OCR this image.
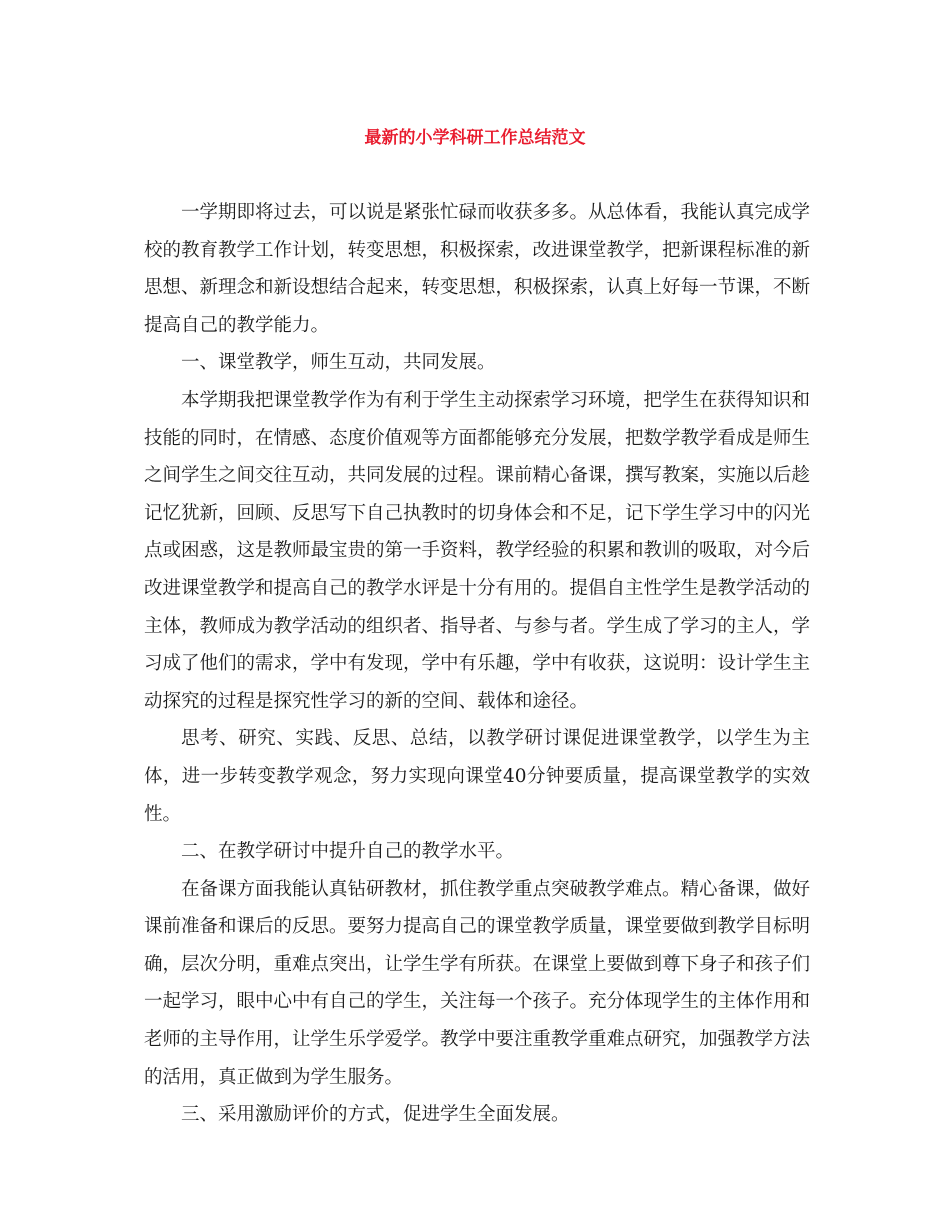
最新的小学科研工作总结范文

一学期即将过去，可以说是紧张忙碌而收获多多。从总体看，我能认真完成学校的教育教学工作计划，转变思想，积极探索，改进课堂教学，把新课程标准的新思想、新理念和新设想结合起来，转变思想，积极探索，认真上好每一节课，不断提高自己的教学能力。

一、课堂教学，师生互动，共同发展。

本学期我把课堂教学作为有利于学生主动探索学习环境，把学生在获得知识和技能的同时，在情感、态度价值观等方面都能够充分发展，把数学教学看成是师生之间学生之间交往互动，共同发展的过程。课前精心备课，撰写教案，实施以后趁记忆犹新，回顾、反思写下自己执教时的切身体会和不足，记下学生学习中的闪光点或困惑，这是教师最宝贵的第一手资料，教学经验的积累和教训的吸取，对今后改进课堂教学和提高自己的教学水评是十分有用的。提倡自主性学生是教学活动的主体，教师成为教学活动的组织者、指导者、与参与者。学生成了学习的主人，学习成了他们的需求，学中有发现，学中有乐趣，学中有收获，这说明：设计学生主动探究的过程是探究性学习的新的空间、载体和途径。

思考、研究、实践、反思、总结，以教学研讨课促进课堂教学，以学生为主体，进一步转变教学观念，努力实现向课堂40分钟要质量，提高课堂教学的实效性。

二、在教学研讨中提升自己的教学水平。

在备课方面我能认真钻研教材，抓住教学重点突破教学难点。精心备课，做好课前准备和课后的反思。要努力提高自己的课堂教学质量，课堂要做到教学目标明确，层次分明，重难点突出，让学生学有所获。在课堂上要做到尊下身子和孩子们一起学习，眼中心中有自己的学生，关注每一个孩子。充分体现学生的主体作用和老师的主导作用，让学生乐学爱学。教学中要注重教学重难点研究，加强教学方法的活用，真正做到为学生服务。

三、采用激励评价的方式，促进学生全面发展。
